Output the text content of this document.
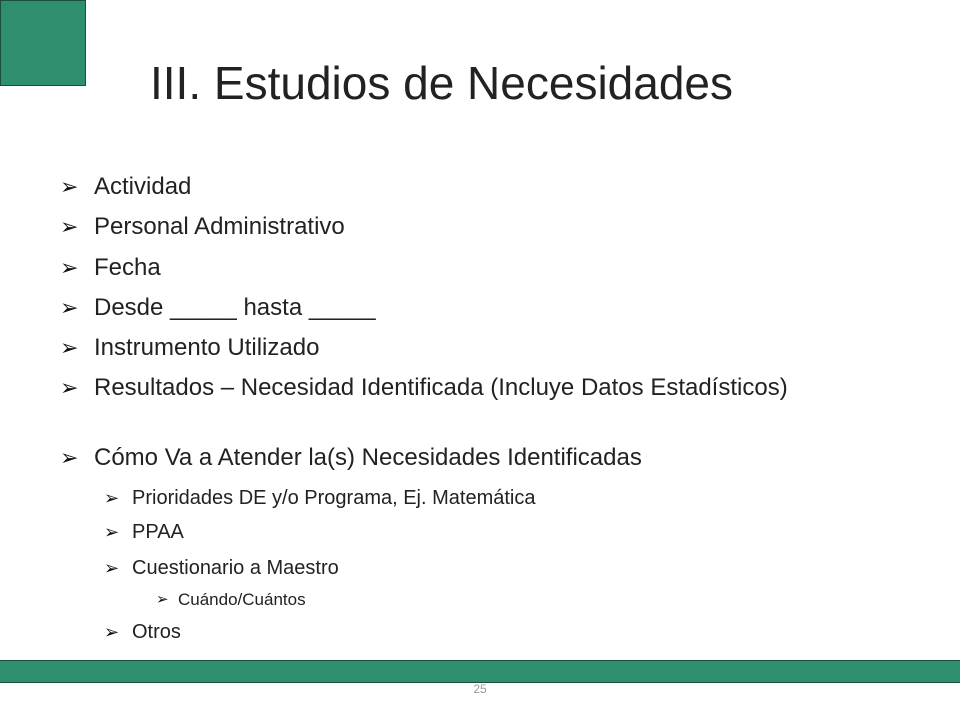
III. Estudios de Necesidades
➢ Actividad
➢ Personal Administrativo
➢ Fecha
➢ Desde _____ hasta _____
➢ Instrumento Utilizado
➢ Resultados – Necesidad Identificada (Incluye Datos Estadísticos)
➢ Cómo Va a Atender la(s) Necesidades Identificadas
➢ Prioridades DE y/o Programa, Ej. Matemática
➢ PPAA
➢ Cuestionario a Maestro
➢ Cuándo/Cuántos
➢ Otros
25
